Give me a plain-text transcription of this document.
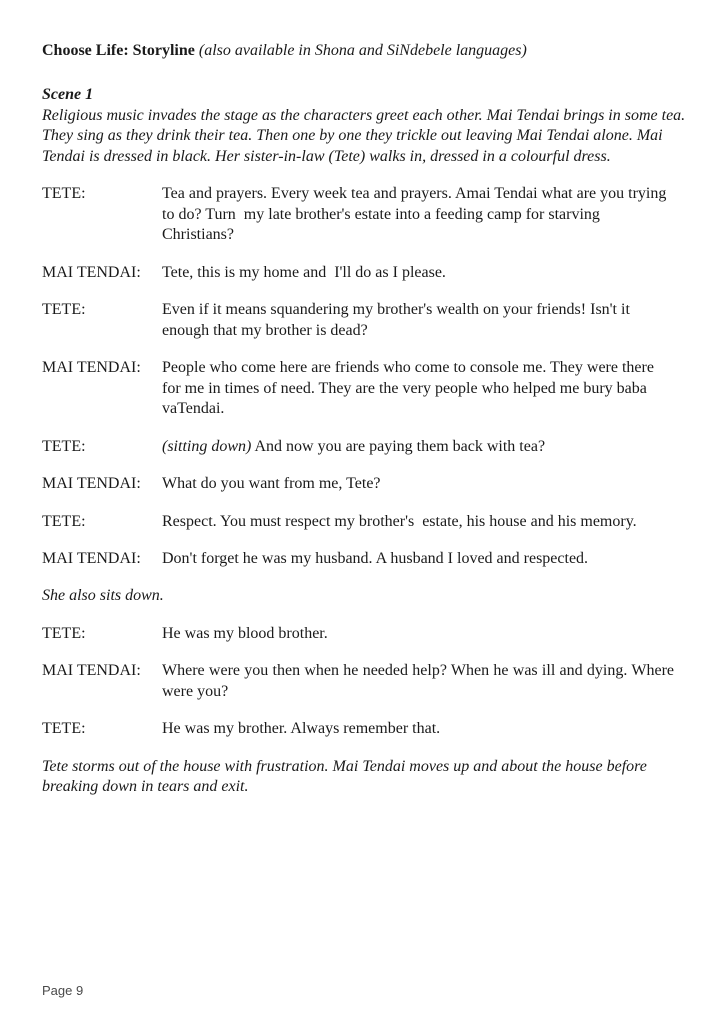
Choose Life: Storyline (also available in Shona and SiNdebele languages)

Scene 1

Religious music invades the stage as the characters greet each other. Mai Tendai brings in some tea. They sing as they drink their tea. Then one by one they trickle out leaving Mai Tendai alone. Mai Tendai is dressed in black. Her sister-in-law (Tete) walks in, dressed in a colourful dress.

TETE:	Tea and prayers. Every week tea and prayers. Amai Tendai what are you trying to do? Turn  my late brother's estate into a feeding camp for starving Christians?
MAI TENDAI:	Tete, this is my home and  I'll do as I please.
TETE:	Even if it means squandering my brother's wealth on your friends! Isn't it enough that my brother is dead?
MAI TENDAI:	People who come here are friends who come to console me. They were there for me in times of need. They are the very people who helped me bury baba vaTendai.
TETE:	(sitting down) And now you are paying them back with tea?
MAI TENDAI:	What do you want from me, Tete?
TETE:	Respect. You must respect my brother's  estate, his house and his memory.
MAI TENDAI:	Don't forget he was my husband. A husband I loved and respected.

She also sits down.

TETE:	He was my blood brother.
MAI TENDAI:	Where were you then when he needed help? When he was ill and dying. Where were you?
TETE:	He was my brother. Always remember that.

Tete storms out of the house with frustration. Mai Tendai moves up and about the house before breaking down in tears and exit.

Page 9
